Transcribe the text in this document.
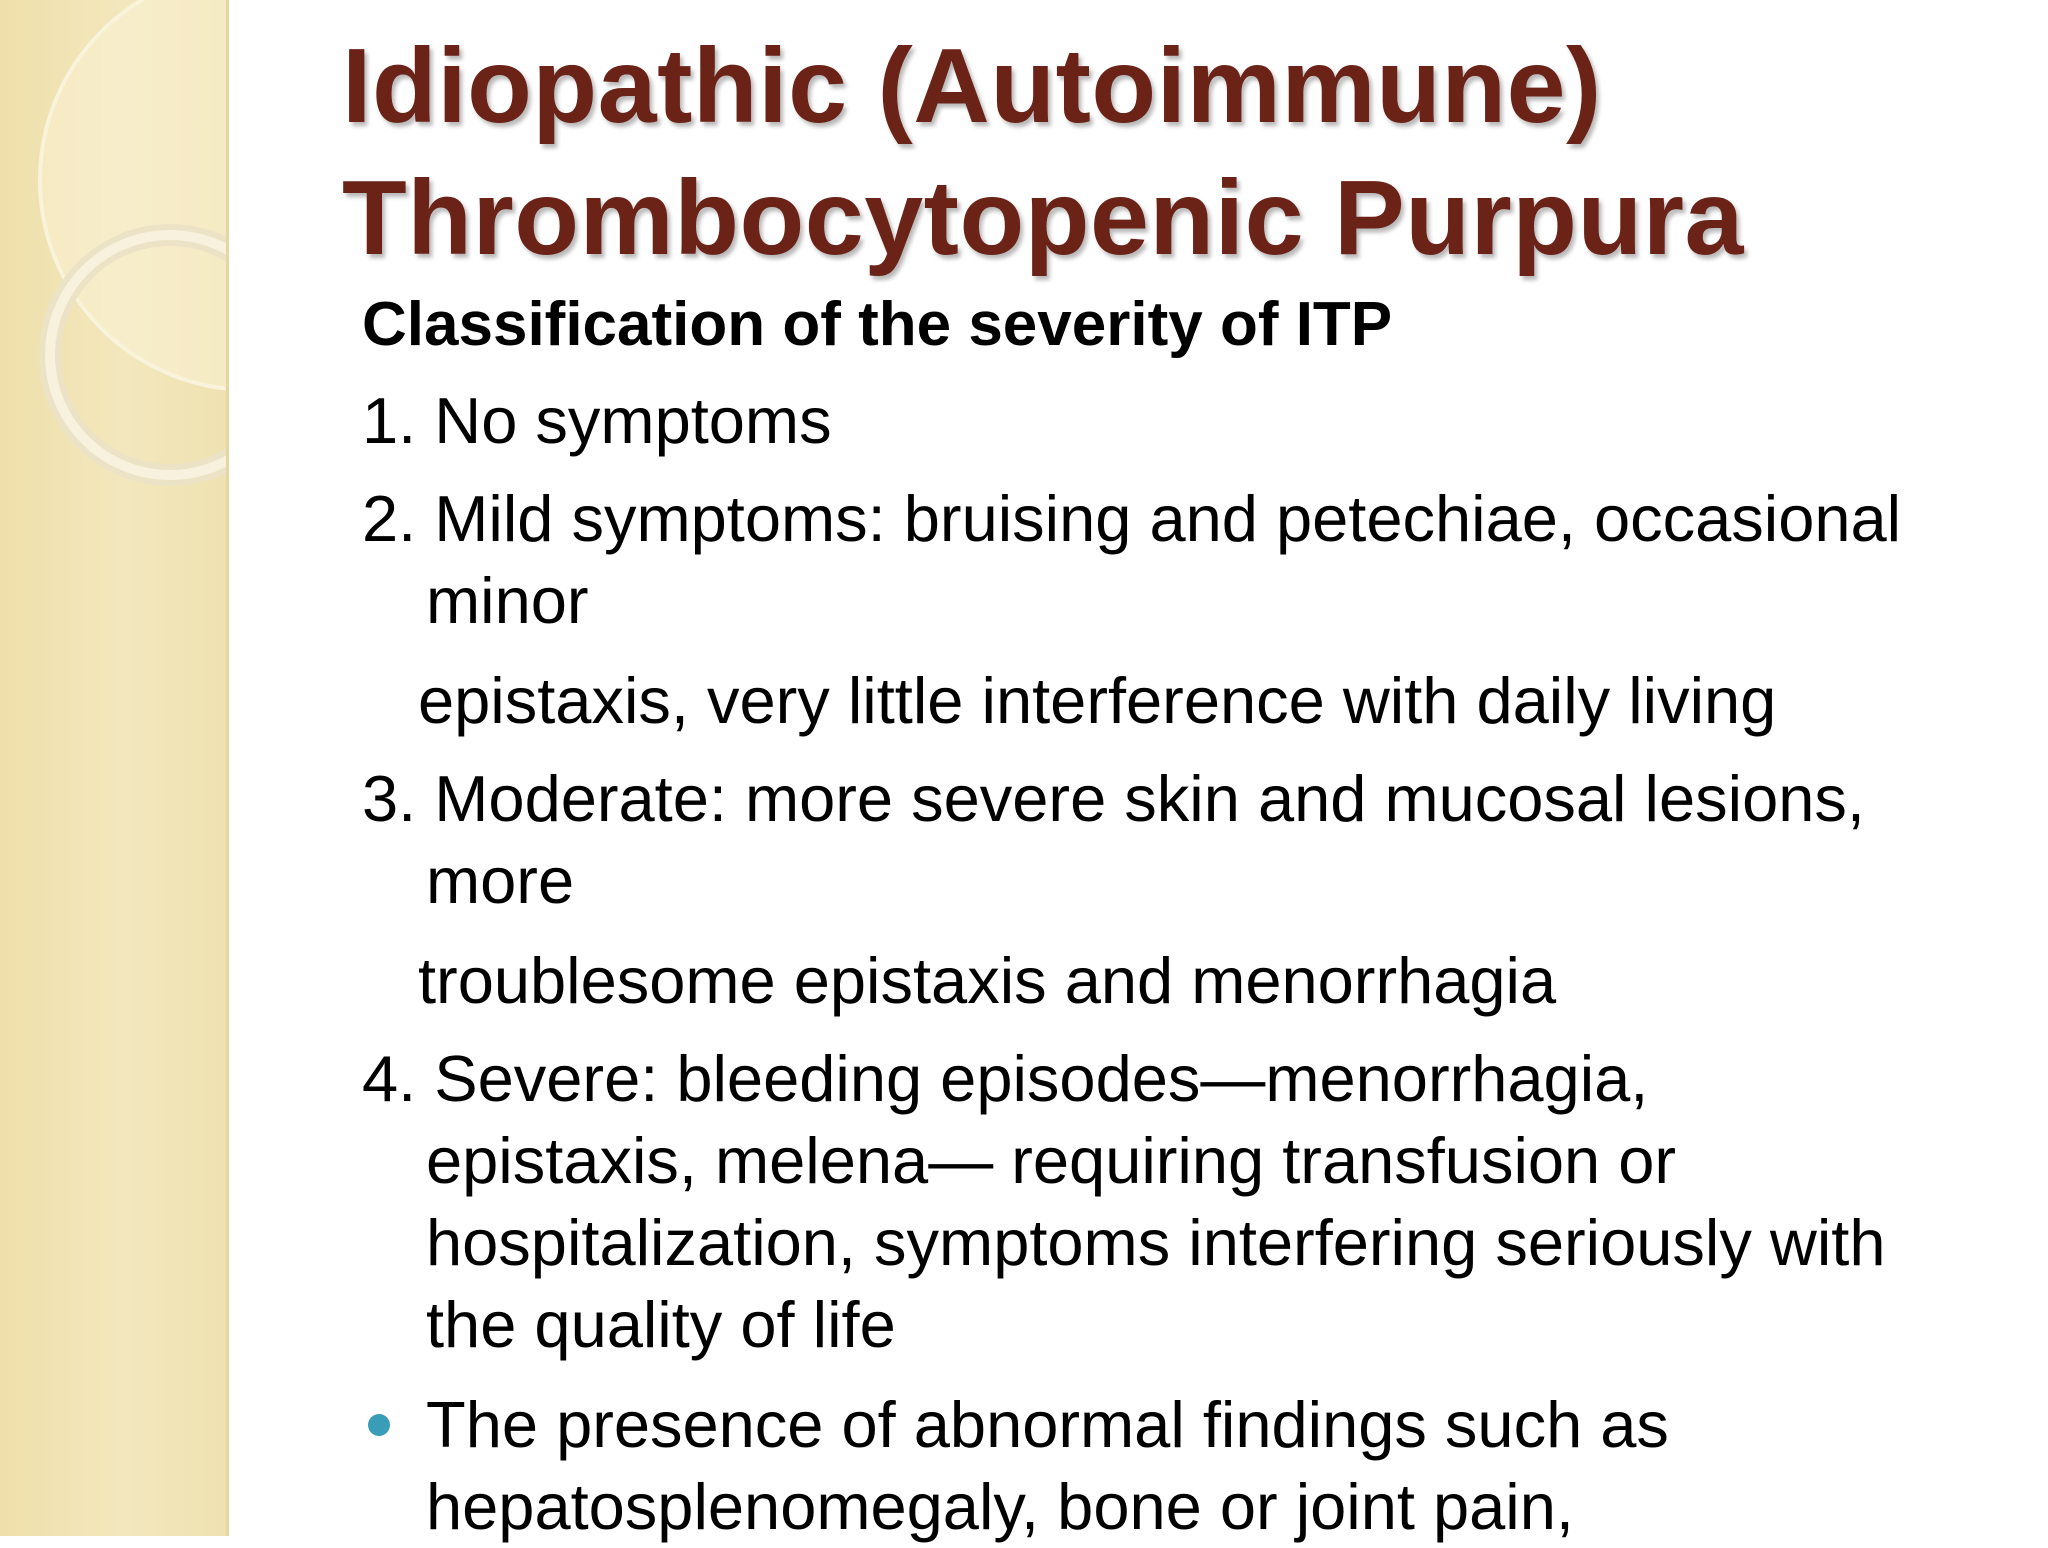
Idiopathic (Autoimmune)
Thrombocytopenic Purpura
Classification of the severity of ITP
1. No symptoms
2. Mild symptoms: bruising and petechiae, occasional
minor
epistaxis, very little interference with daily living
3. Moderate: more severe skin and mucosal lesions,
more
troublesome epistaxis and menorrhagia
4. Severe: bleeding episodes—menorrhagia,
epistaxis, melena— requiring transfusion or
hospitalization, symptoms interfering seriously with
the quality of life
The presence of abnormal findings such as
hepatosplenomegaly, bone or joint pain,
